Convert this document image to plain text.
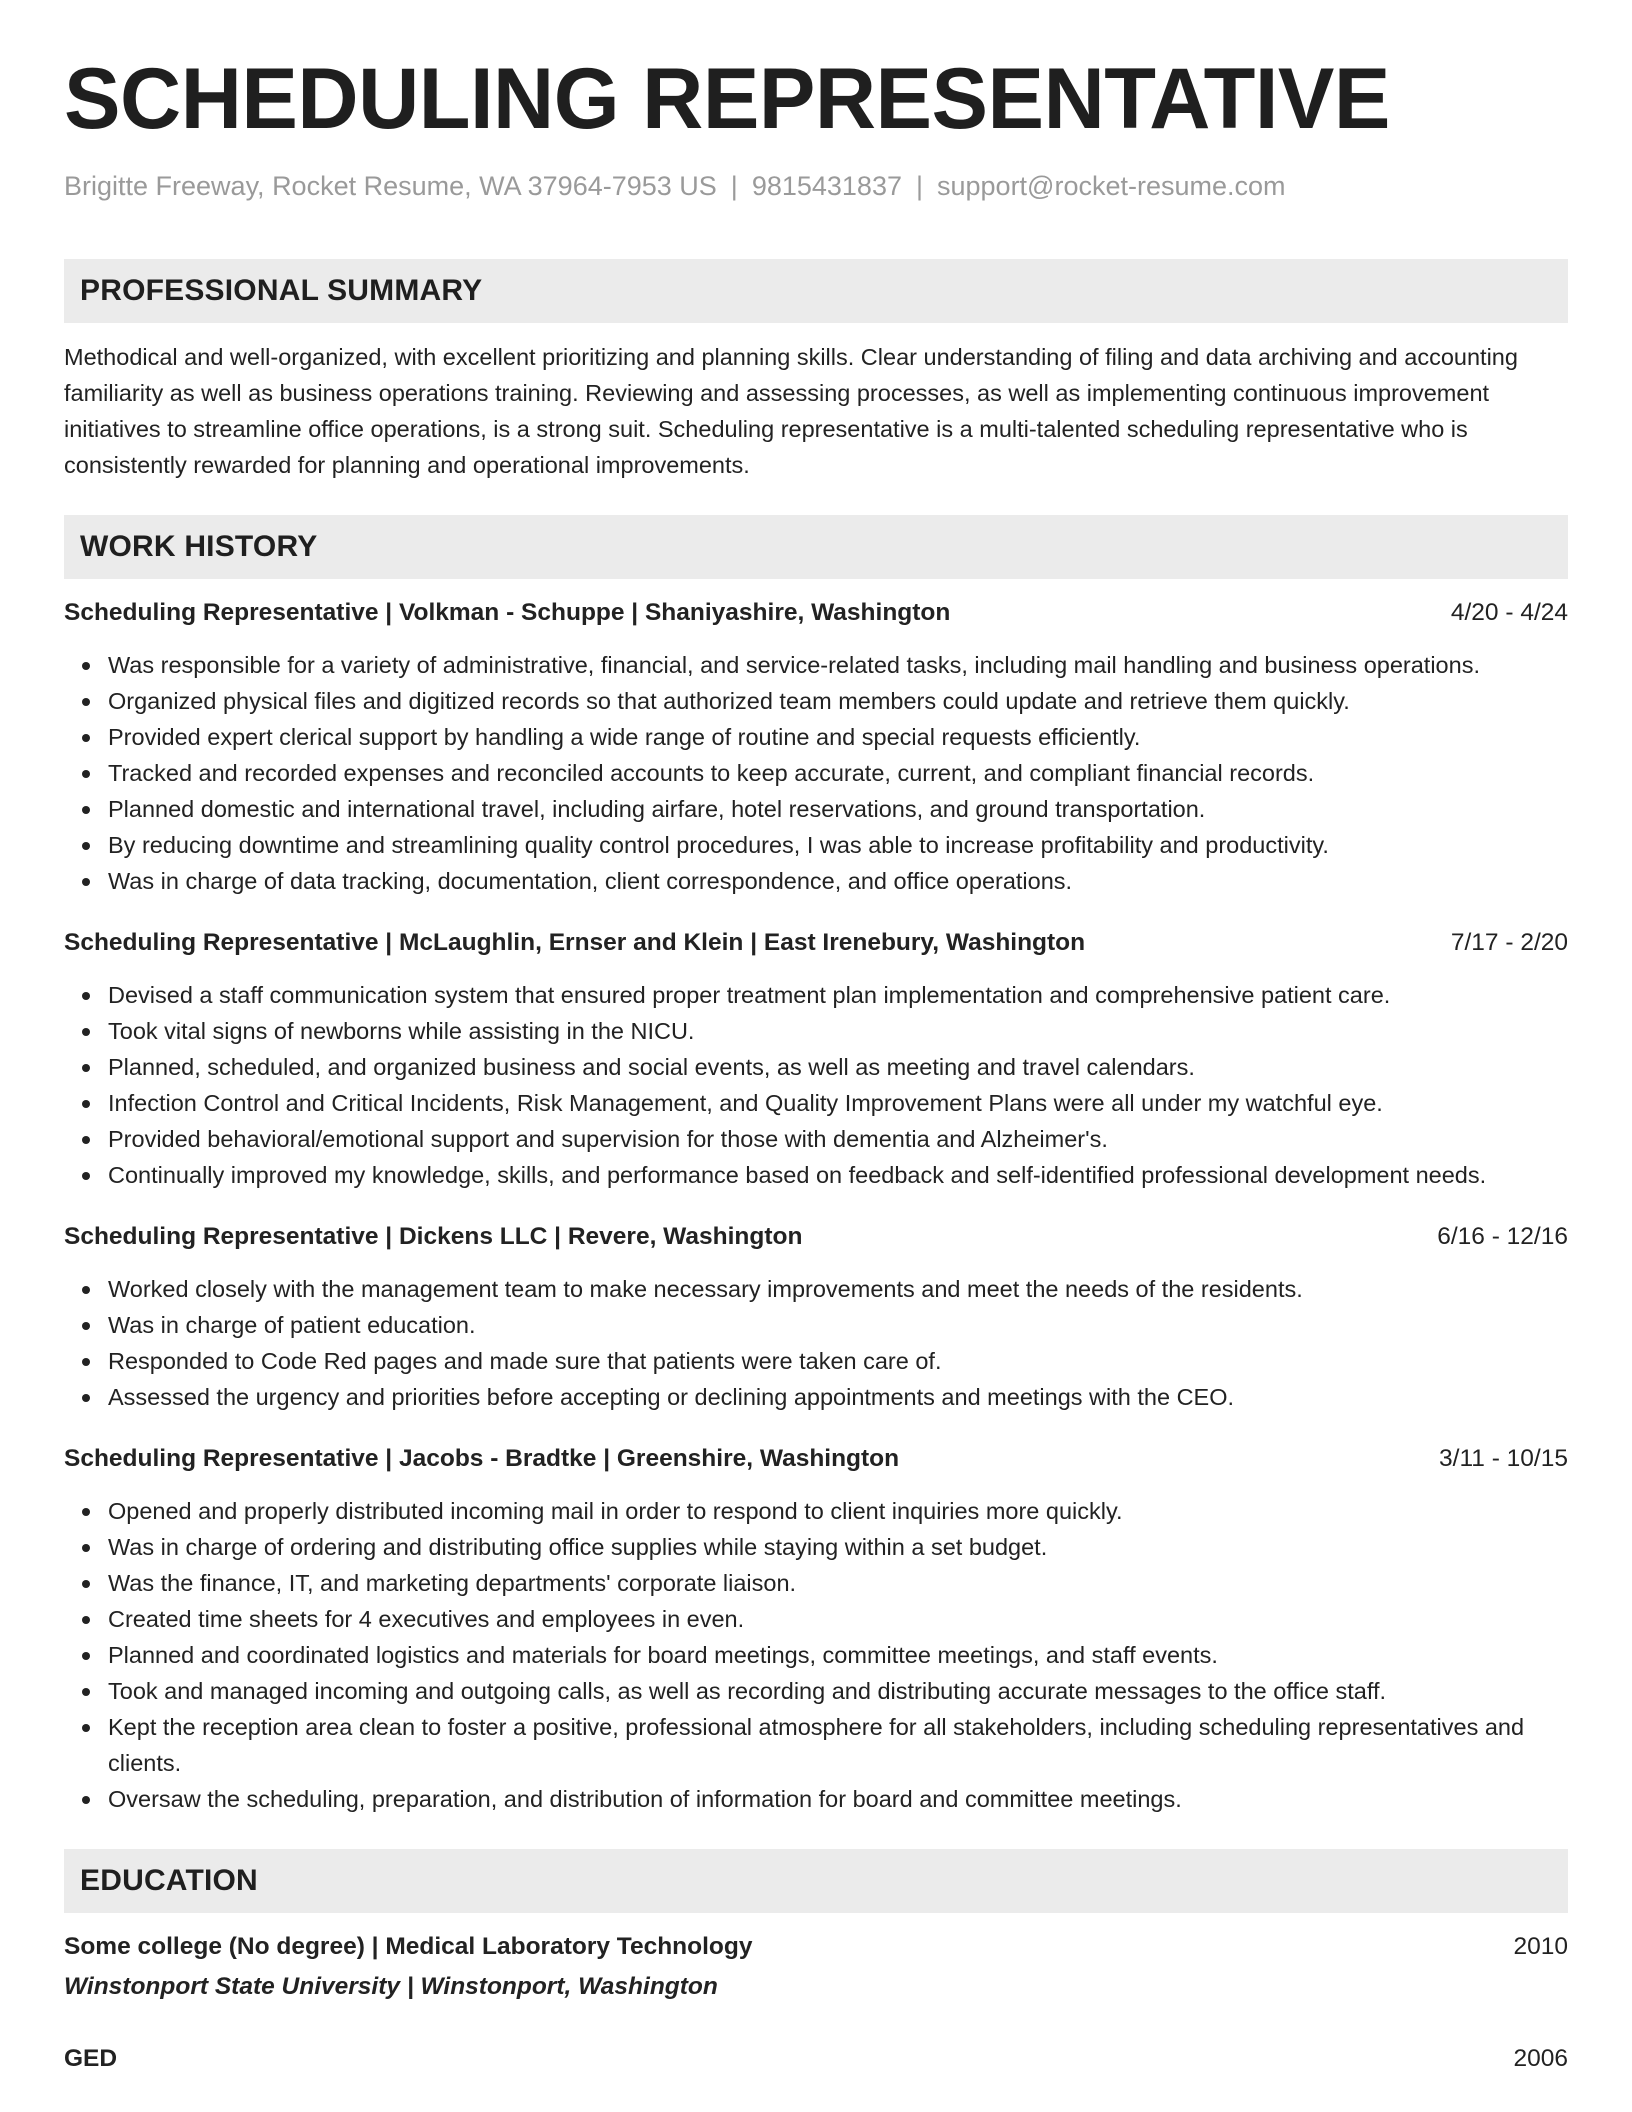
SCHEDULING REPRESENTATIVE
Brigitte Freeway, Rocket Resume, WA 37964-7953 US | 9815431837 | support@rocket-resume.com
PROFESSIONAL SUMMARY

Methodical and well-organized, with excellent prioritizing and planning skills. Clear understanding of filing and data archiving and accounting familiarity as well as business operations training. Reviewing and assessing processes, as well as implementing continuous improvement initiatives to streamline office operations, is a strong suit. Scheduling representative is a multi-talented scheduling representative who is consistently rewarded for planning and operational improvements.

WORK HISTORY
Scheduling Representative | Volkman - Schuppe | Shaniyashire, Washington	4/20 - 4/24
Was responsible for a variety of administrative, financial, and service-related tasks, including mail handling and business operations.
Organized physical files and digitized records so that authorized team members could update and retrieve them quickly.
Provided expert clerical support by handling a wide range of routine and special requests efficiently.
Tracked and recorded expenses and reconciled accounts to keep accurate, current, and compliant financial records.
Planned domestic and international travel, including airfare, hotel reservations, and ground transportation.
By reducing downtime and streamlining quality control procedures, I was able to increase profitability and productivity.
Was in charge of data tracking, documentation, client correspondence, and office operations.
Scheduling Representative | McLaughlin, Ernser and Klein | East Irenebury, Washington	7/17 - 2/20
Devised a staff communication system that ensured proper treatment plan implementation and comprehensive patient care.
Took vital signs of newborns while assisting in the NICU.
Planned, scheduled, and organized business and social events, as well as meeting and travel calendars.
Infection Control and Critical Incidents, Risk Management, and Quality Improvement Plans were all under my watchful eye.
Provided behavioral/emotional support and supervision for those with dementia and Alzheimer's.
Continually improved my knowledge, skills, and performance based on feedback and self-identified professional development needs.
Scheduling Representative | Dickens LLC | Revere, Washington	6/16 - 12/16
Worked closely with the management team to make necessary improvements and meet the needs of the residents.
Was in charge of patient education.
Responded to Code Red pages and made sure that patients were taken care of.
Assessed the urgency and priorities before accepting or declining appointments and meetings with the CEO.
Scheduling Representative | Jacobs - Bradtke | Greenshire, Washington	3/11 - 10/15
Opened and properly distributed incoming mail in order to respond to client inquiries more quickly.
Was in charge of ordering and distributing office supplies while staying within a set budget.
Was the finance, IT, and marketing departments' corporate liaison.
Created time sheets for 4 executives and employees in even.
Planned and coordinated logistics and materials for board meetings, committee meetings, and staff events.
Took and managed incoming and outgoing calls, as well as recording and distributing accurate messages to the office staff.
Kept the reception area clean to foster a positive, professional atmosphere for all stakeholders, including scheduling representatives and clients.
Oversaw the scheduling, preparation, and distribution of information for board and committee meetings.
EDUCATION
Some college (No degree) | Medical Laboratory Technology	2010
Winstonport State University | Winstonport, Washington
GED	2006
